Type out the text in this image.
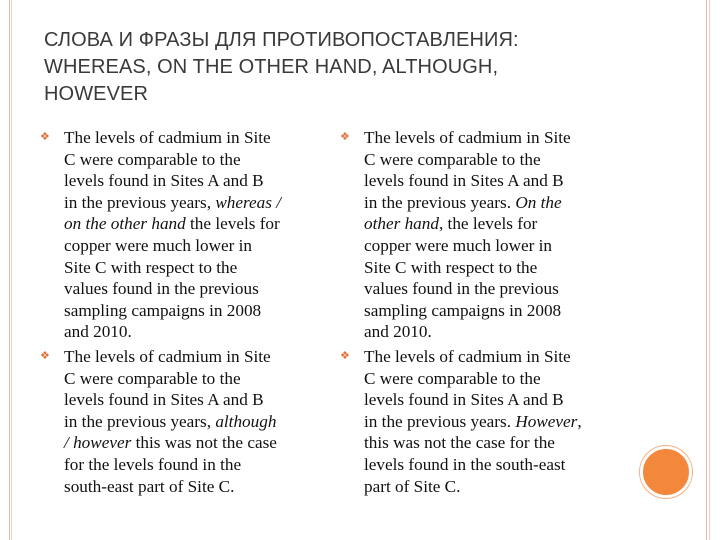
СЛОВА И ФРАЗЫ ДЛЯ ПРОТИВОПОСТАВЛЕНИЯ:
WHEREAS, ON THE OTHER HAND, ALTHOUGH,
HOWEVER
❖ The levels of cadmium in Site
C were comparable to the
levels found in Sites A and B
in the previous years, whereas /
on the other hand the levels for
copper were much lower in
Site C with respect to the
values found in the previous
sampling campaigns in 2008
and 2010.
❖ The levels of cadmium in Site
C were comparable to the
levels found in Sites A and B
in the previous years, although
/ however this was not the case
for the levels found in the
south-east part of Site C.
❖ The levels of cadmium in Site
C were comparable to the
levels found in Sites A and B
in the previous years. On the
other hand, the levels for
copper were much lower in
Site C with respect to the
values found in the previous
sampling campaigns in 2008
and 2010.
❖ The levels of cadmium in Site
C were comparable to the
levels found in Sites A and B
in the previous years. However,
this was not the case for the
levels found in the south-east
part of Site C.
